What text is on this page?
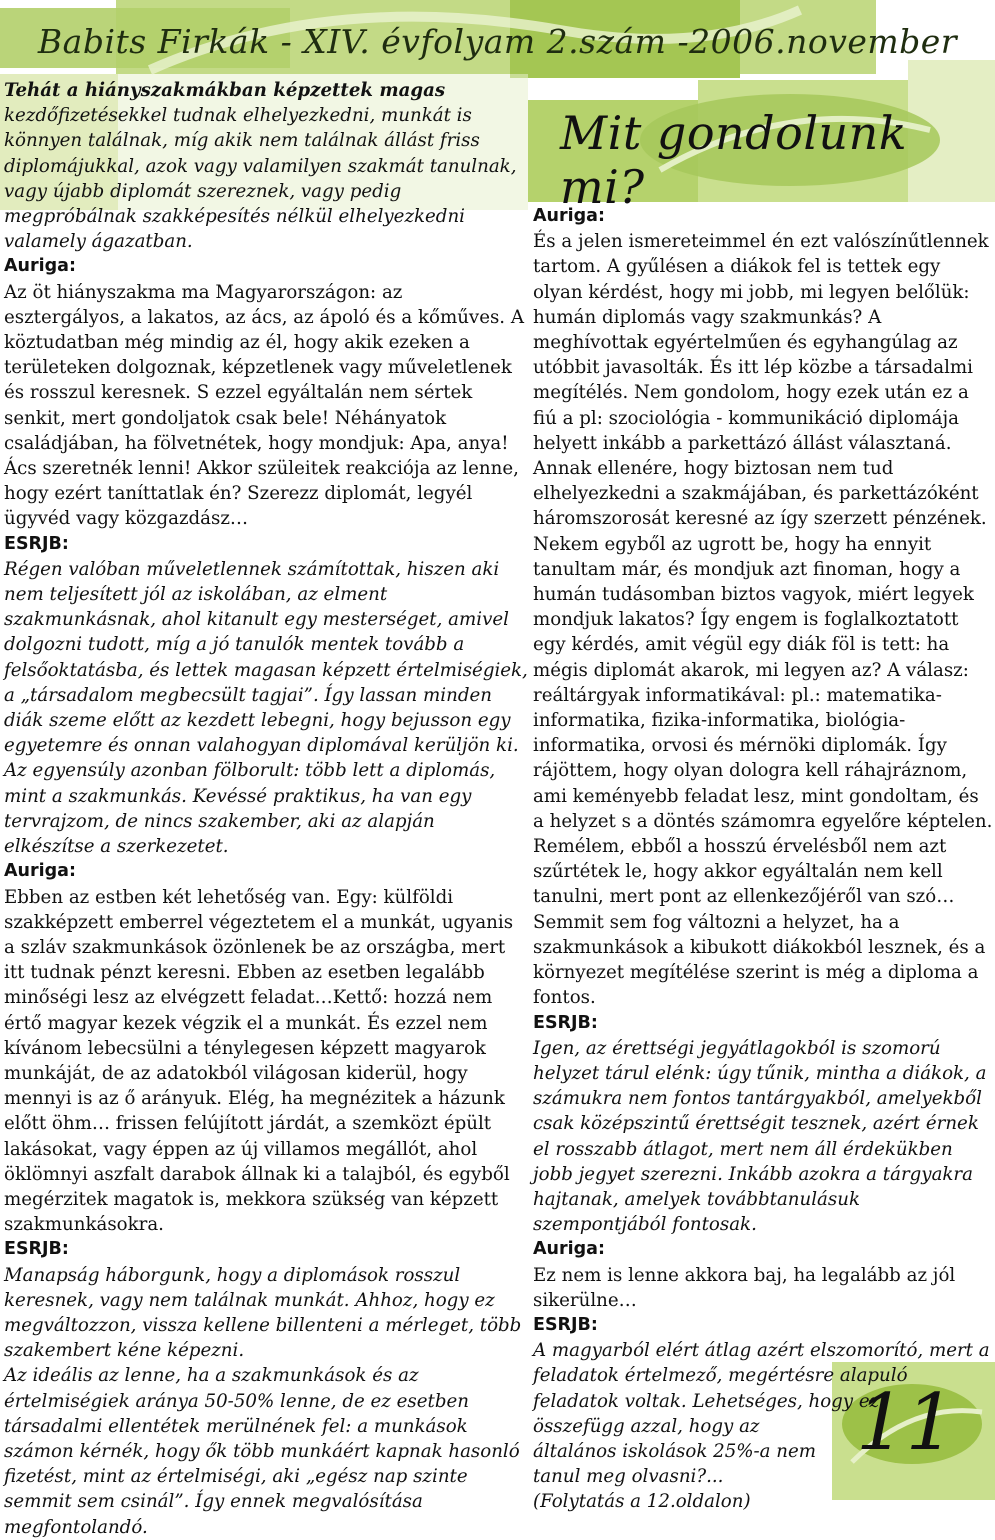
Babits Firkák - XIV. évfolyam 2.szám -2006.november
Mit gondolunk mi?

Tehát a hiányszakmákban képzettek magas
kezdőfizetésekkel tudnak elhelyezkedni, munkát is könnyen találnak, míg akik nem találnak állást friss diplomájukkal, azok vagy valamilyen szakmát tanulnak, vagy újabb diplomát szereznek, vagy pedig megpróbálnak szakképesítés nélkül elhelyezkedni valamely ágazatban.

Auriga:

Az öt hiányszakma ma Magyarországon: az esztergályos, a lakatos, az ács, az ápoló és a kőműves. A köztudatban még mindig az él, hogy akik ezeken a területeken dolgoznak, képzetlenek vagy műveletlenek és rosszul keresnek. S ezzel egyáltalán nem sértek senkit, mert gondoljatok csak bele! Néhányatok családjában, ha fölvetnétek, hogy mondjuk: Apa, anya! Ács szeretnék lenni! Akkor szüleitek reakciója az lenne, hogy ezért taníttatlak én? Szerezz diplomát, legyél ügyvéd vagy közgazdász…

ESRJB:

Régen valóban műveletlennek számítottak, hiszen aki nem teljesített jól az iskolában, az elment szakmunkásnak, ahol kitanult egy mesterséget, amivel dolgozni tudott, míg a jó tanulók mentek tovább a felsőoktatásba, és lettek magasan képzett értelmiségiek, a „társadalom megbecsült tagjai”. Így lassan minden diák szeme előtt az kezdett lebegni, hogy bejusson egy egyetemre és onnan valahogyan diplomával kerüljön ki. Az egyensúly azonban fölborult: több lett a diplomás, mint a szakmunkás. Kevéssé praktikus, ha van egy tervrajzom, de nincs szakember, aki az alapján elkészítse a szerkezetet.

Auriga:

Ebben az estben két lehetőség van. Egy: külföldi szakképzett emberrel végeztetem el a munkát, ugyanis a szláv szakmunkások özönlenek be az országba, mert itt tudnak pénzt keresni. Ebben az esetben legalább minőségi lesz az elvégzett feladat…Kettő: hozzá nem értő magyar kezek végzik el a munkát. És ezzel nem kívánom lebecsülni a ténylegesen képzett magyarok munkáját, de az adatokból világosan kiderül, hogy mennyi is az ő arányuk. Elég, ha megnézitek a házunk előtt öhm… frissen felújított járdát, a szemközt épült lakásokat, vagy éppen az új villamos megállót, ahol öklömnyi aszfalt darabok állnak ki a talajból, és egyből megérzitek magatok is, mekkora szükség van képzett szakmunkásokra.

ESRJB:

Manapság háborgunk, hogy a diplomások rosszul keresnek, vagy nem találnak munkát. Ahhoz, hogy ez megváltozzon, vissza kellene billenteni a mérleget, több szakembert kéne képezni.

Az ideális az lenne, ha a szakmunkások és az értelmiségiek aránya 50-50% lenne, de ez esetben társadalmi ellentétek merülnének fel: a munkások számon kérnék, hogy ők több munkáért kapnak hasonló fizetést, mint az értelmiségi, aki „egész nap szinte semmit sem csinál”. Így ennek megvalósítása megfontolandó.

Auriga:

És a jelen ismereteimmel én ezt valószínűtlennek tartom. A gyűlésen a diákok fel is tettek egy olyan kérdést, hogy mi jobb, mi legyen belőlük: humán diplomás vagy szakmunkás? A meghívottak egyértelműen és egyhangúlag az utóbbit javasolták. És itt lép közbe a társadalmi megítélés. Nem gondolom, hogy ezek után ez a fiú a pl: szociológia - kommunikáció diplomája helyett inkább a parkettázó állást választaná. Annak ellenére, hogy biztosan nem tud elhelyezkedni a szakmájában, és parkettázóként háromszorosát keresné az így szerzett pénzének. Nekem egyből az ugrott be, hogy ha ennyit tanultam már, és mondjuk azt finoman, hogy a humán tudásomban biztos vagyok, miért legyek mondjuk lakatos? Így engem is foglalkoztatott egy kérdés, amit végül egy diák föl is tett: ha mégis diplomát akarok, mi legyen az? A válasz: reáltárgyak informatikával: pl.: matematika-informatika, fizika-informatika, biológia-informatika, orvosi és mérnöki diplomák. Így rájöttem, hogy olyan dologra kell ráhajráznom, ami keményebb feladat lesz, mint gondoltam, és a helyzet s a döntés számomra egyelőre képtelen. Remélem, ebből a hosszú érvelésből nem azt szűrtétek le, hogy akkor egyáltalán nem kell tanulni, mert pont az ellenkezőjéről van szó… Semmit sem fog változni a helyzet, ha a szakmunkások a kibukott diákokból lesznek, és a környezet megítélése szerint is még a diploma a fontos.

ESRJB:

Igen, az érettségi jegyátlagokból is szomorú helyzet tárul elénk: úgy tűnik, mintha a diákok, a számukra nem fontos tantárgyakból, amelyekből csak középszintű érettségit tesznek, azért érnek el rosszabb átlagot, mert nem áll érdekükben jobb jegyet szerezni. Inkább azokra a tárgyakra hajtanak, amelyek továbbtanulásuk szempontjából fontosak.

Auriga:

Ez nem is lenne akkora baj, ha legalább az jól sikerülne…

ESRJB:

A magyarból elért átlag azért elszomorító, mert a feladatok értelmező, megértésre alapuló feladatok voltak. Lehetséges, hogy ez

összefügg azzal, hogy az

általános iskolások 25%-a nem

tanul meg olvasni?...

(Folytatás a 12.oldalon)

11
